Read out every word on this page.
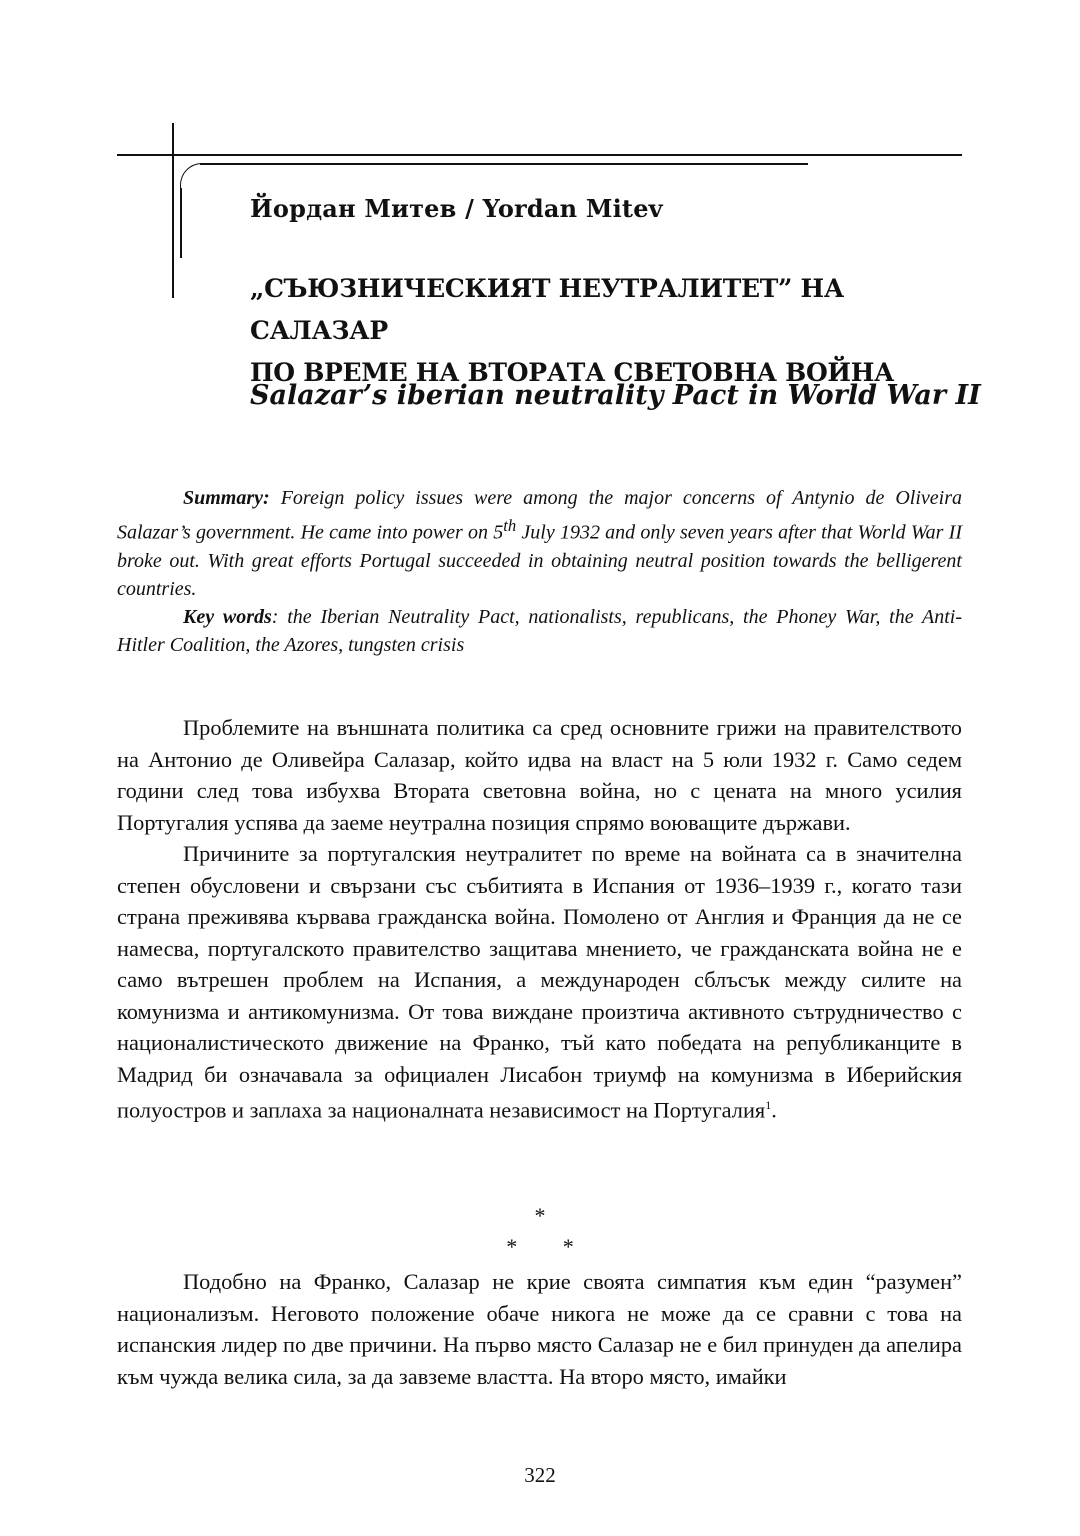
Йордан Митев / Yordan Mitev
„СЪЮЗНИЧЕСКИЯТ НЕУТРАЛИТЕТ” НА САЛАЗАР
ПО ВРЕМЕ НА ВТОРАТА СВЕТОВНА ВОЙНА
Salazar’s iberian neutrality Pact in World War II

Summary: Foreign policy issues were among the major concerns of Antynio de Oliveira Salazar’s government. He came into power on 5th July 1932 and only seven years after that World War II broke out. With great efforts Portugal succeeded in obtaining neutral position towards the belligerent countries.

Key words: the Iberian Neutrality Pact, nationalists, republicans, the Phoney War, the Anti-Hitler Coalition, the Azores, tungsten crisis

Проблемите на външната политика са сред основните грижи на правителството на Антонио де Оливейра Салазар, който идва на власт на 5 юли 1932 г. Само седем години след това избухва Втората световна война, но с цената на много усилия Португалия успява да заеме неутрална позиция спрямо воюващите държави.

Причините за португалския неутралитет по време на войната са в значителна степен обусловени и свързани със събитията в Испания от 1936–1939 г., когато тази страна преживява кървава гражданска война. Помолено от Англия и Франция да не се намесва, португалското правителство защитава мнението, че гражданската война не е само вътрешен проблем на Испания, а международен сблъсък между силите на комунизма и антикомунизма. От това виждане произтича активното сътрудничество с националистическото движение на Франко, тъй като победата на републиканците в Мадрид би означавала за официален Лисабон триумф на комунизма в Иберийския полуостров и заплаха за националната независимост на Португалия$^1$.

*
* *

Подобно на Франко, Салазар не крие своята симпатия към един “разумен” национализъм. Неговото положение обаче никога не може да се сравни с това на испанския лидер по две причини. На първо място Салазар не е бил принуден да апелира към чужда велика сила, за да завземе властта. На второ място, имайки

322
